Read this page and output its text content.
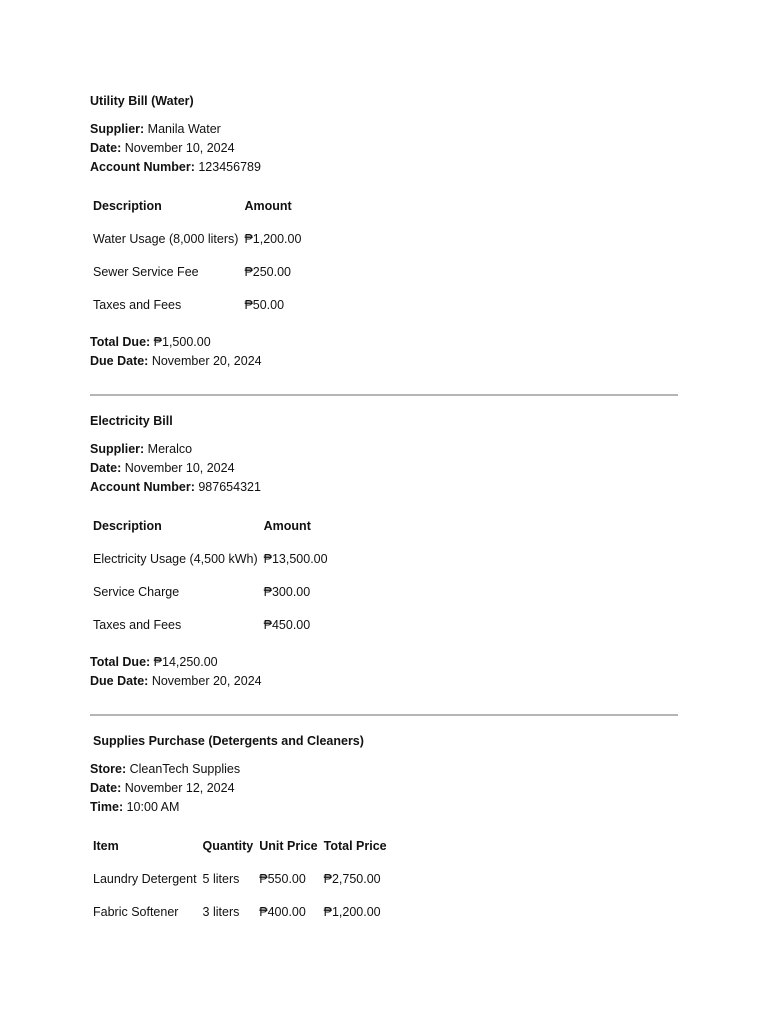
Utility Bill (Water)

Supplier: Manila Water
Date: November 10, 2024
Account Number: 123456789
Description	Amount
Water Usage (8,000 liters)	₱1,200.00
Sewer Service Fee	₱250.00
Taxes and Fees	₱50.00
Total Due: ₱1,500.00
Due Date: November 20, 2024

Electricity Bill

Supplier: Meralco
Date: November 10, 2024
Account Number: 987654321
Description	Amount
Electricity Usage (4,500 kWh)	₱13,500.00
Service Charge	₱300.00
Taxes and Fees	₱450.00
Total Due: ₱14,250.00
Due Date: November 20, 2024

Supplies Purchase (Detergents and Cleaners)

Store: CleanTech Supplies
Date: November 12, 2024
Time: 10:00 AM
Item	Quantity	Unit Price	Total Price
Laundry Detergent	5 liters	₱550.00	₱2,750.00
Fabric Softener	3 liters	₱400.00	₱1,200.00
